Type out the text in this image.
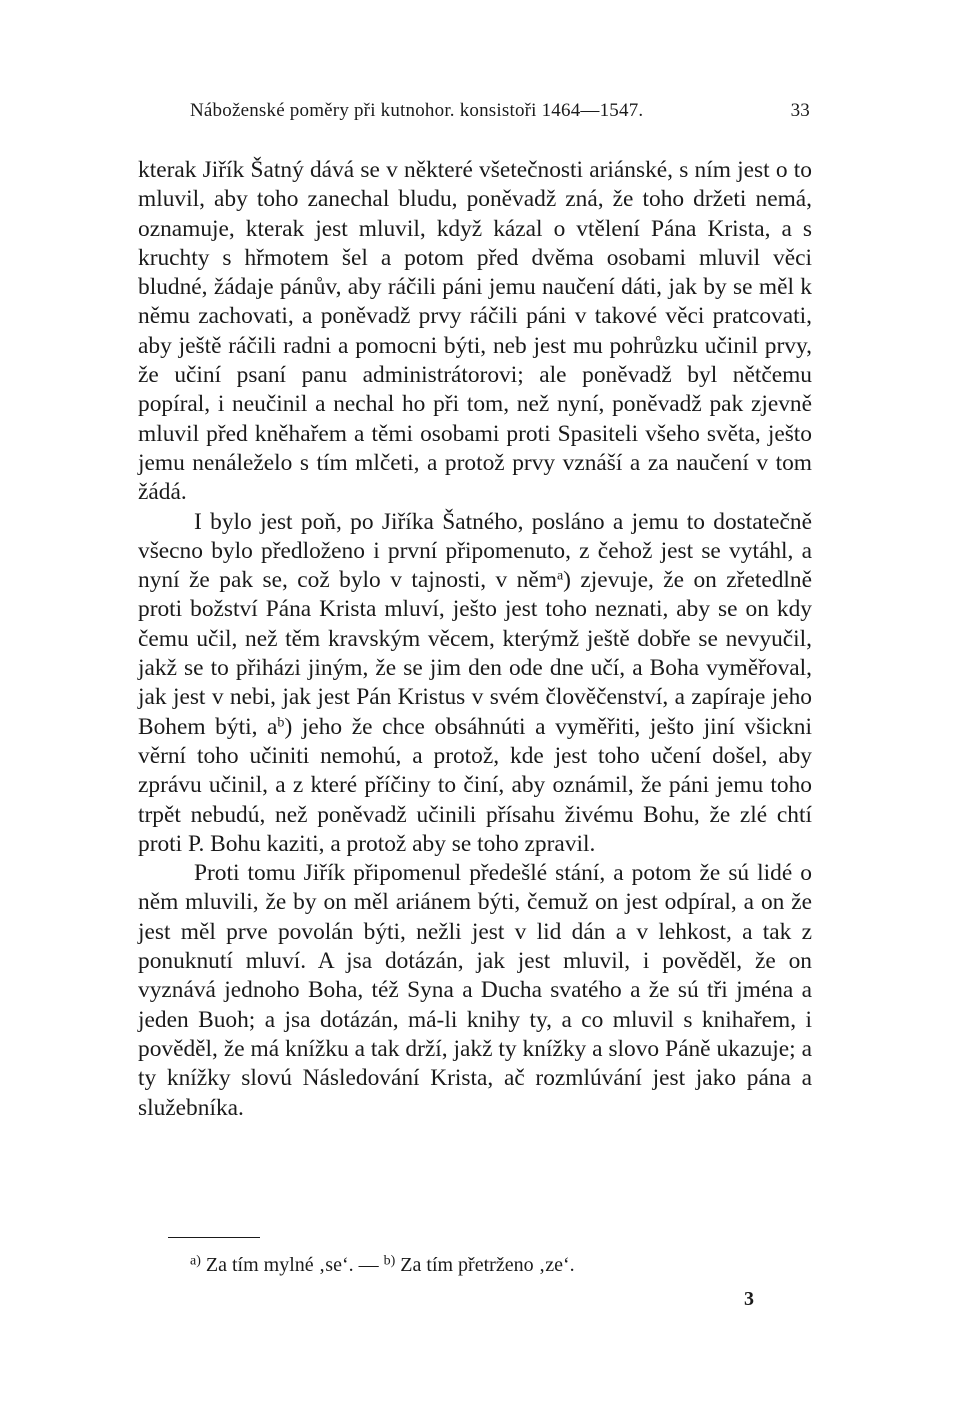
Náboženské poměry při kutnohor. konsistoři 1464—1547.	33

kterak Jiřík Šatný dává se v některé všetečnosti ariánské, s ním jest o to mluvil, aby toho zanechal bludu, poněvadž zná, že toho držeti nemá, oznamuje, kterak jest mluvil, když kázal o vtělení Pána Krista, a s kruchty s hřmotem šel a potom před dvěma osobami mluvil věci bludné, žádaje pánův, aby ráčili páni jemu naučení dáti, jak by se měl k němu zachovati, a poněvadž prvy ráčili páni v takové věci pratcovati, aby ještě ráčili radni a pomocni býti, neb jest mu pohrůzku učinil prvy, že učiní psaní panu administrátorovi; ale poněvadž byl nětčemu popíral, i neučinil a nechal ho při tom, než nyní, poněvadž pak zjevně mluvil před kněhařem a těmi osobami proti Spasiteli všeho světa, ješto jemu nenáleželo s tím mlčeti, a protož prvy vznáší a za naučení v tom žádá.

I bylo jest poň, po Jiříka Šatného, posláno a jemu to dostatečně všecno bylo předloženo i první připomenuto, z čehož jest se vytáhl, a nyní že pak se, což bylo v tajnosti, v něm$^a$) zjevuje, že on zřetedlně proti božství Pána Krista mluví, ješto jest toho neznati, aby se on kdy čemu učil, než těm kravským věcem, kterýmž ještě dobře se nevyučil, jakž se to přiházi jiným, že se jim den ode dne učí, a Boha vyměřoval, jak jest v nebi, jak jest Pán Kristus v svém člověčenství, a zapíraje jeho Bohem býti, $a^b$) jeho že chce obsáhnúti a vyměřiti, ješto jiní všickni věrní toho učiniti nemohú, a protož, kde jest toho učení došel, aby zprávu učinil, a z které příčiny to činí, aby oznámil, že páni jemu toho trpět nebudú, než poněvadž učinili přísahu živému Bohu, že zlé chtí proti P. Bohu kaziti, a protož aby se toho zpravil.

Proti tomu Jiřík připomenul předešlé stání, a potom že sú lidé o něm mluvili, že by on měl ariánem býti, čemuž on jest odpíral, a on že jest měl prve povolán býti, nežli jest v lid dán a v lehkost, a tak z ponuknutí mluví. A jsa dotázán, jak jest mluvil, i pověděl, že on vyznává jednoho Boha, též Syna a Ducha svatého a že sú tři jména a jeden Buoh; a jsa dotázán, má-li knihy ty, a co mluvil s knihařem, i pověděl, že má knížku a tak drží, jakž ty knížky a slovo Páně ukazuje; a ty knížky slovú Následování Krista, ač rozmlúvání jest jako pána a služebníka.

$^{a)}$ Za tím mylné ‚se‘. — $^{b)}$ Za tím přetrženo ‚ze‘.
3
